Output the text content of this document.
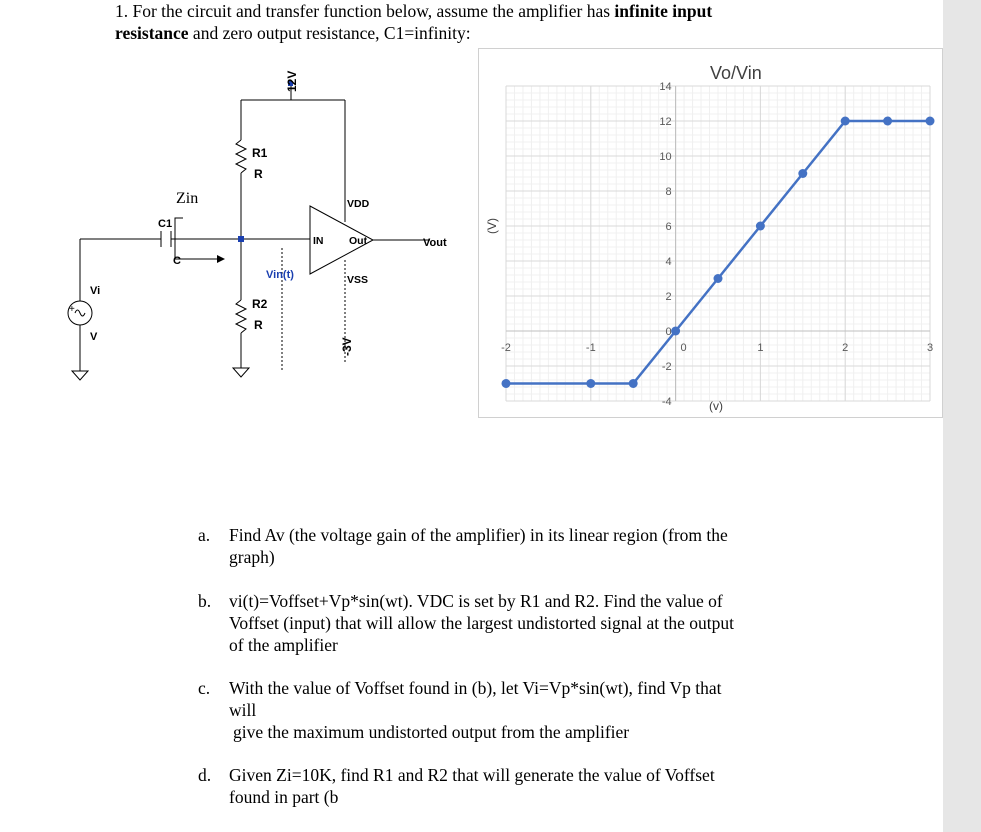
1. For the circuit and transfer function below, assume the amplifier has infinite input
resistance and zero output resistance, C1=infinity:
+
12V
-3V
R1
R
Zin
C1
C
Vi
V
Vin(t)
R2
R
IN Out
VDD
VSS
Vout
-2	-1	0	1	2	3
-4
-2
0
2
4
6
8
10
12
14
Vo/Vin
(v)
(V)
a. Find Av (the voltage gain of the amplifier) in its linear region (from the
graph)
b. vi(t)=Voffset+Vp*sin(wt). VDC is set by R1 and R2. Find the value of
Voffset (input) that will allow the largest undistorted signal at the output
of the amplifier
c. With the value of Voffset found in (b), let Vi=Vp*sin(wt), find Vp that
will
give the maximum undistorted output from the amplifier
d. Given Zi=10K, find R1 and R2 that will generate the value of Voffset
found in part (b
